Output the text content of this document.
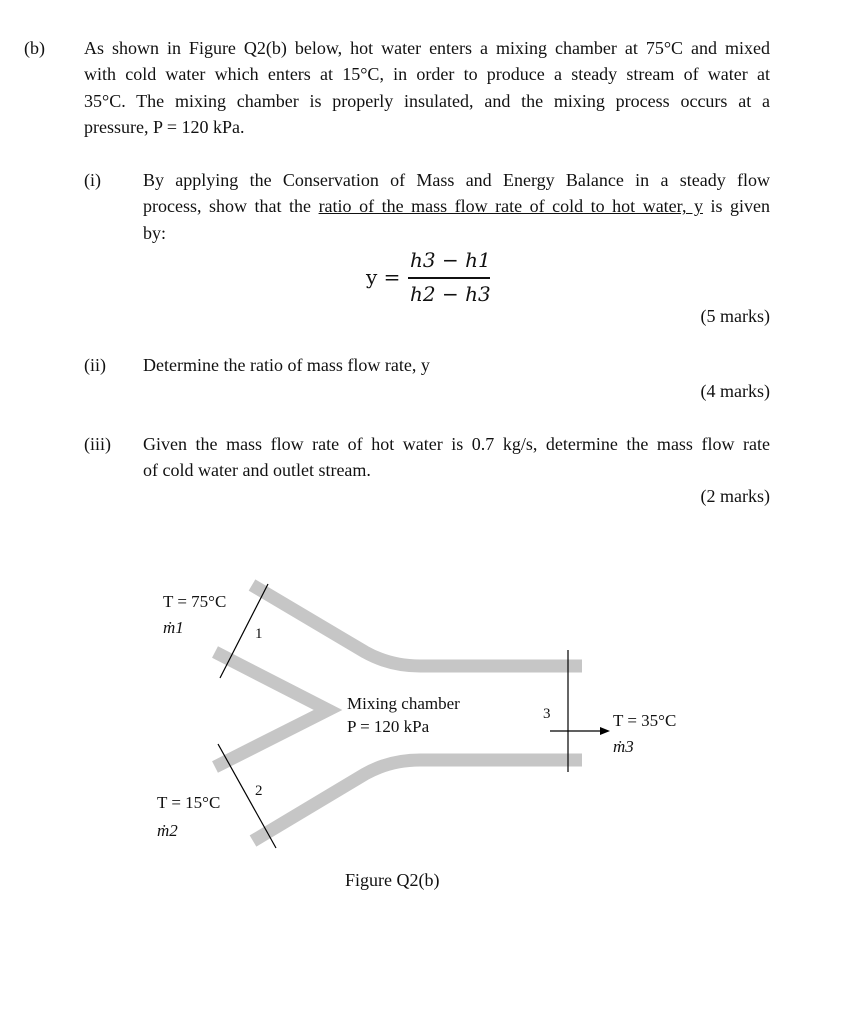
(b) As shown in Figure Q2(b) below, hot water enters a mixing chamber at 75°C and mixed
with cold water which enters at 15°C, in order to produce a steady stream of water at
35°C. The mixing chamber is properly insulated, and the mixing process occurs at a
pressure, P = 120 kPa.
(i) By applying the Conservation of Mass and Energy Balance in a steady flow
process, show that the ratio of the mass flow rate of cold to hot water, y is given
by:
y =
h3 − h1
h2 − h3
(5 marks)
(ii) Determine the ratio of mass flow rate, y
(4 marks)
(iii) Given the mass flow rate of hot water is 0.7 kg/s, determine the mass flow rate
of cold water and outlet stream.
(2 marks)
T = 75°C
ṁ1	1
Mixing chamber
P = 120 kPa
3	T = 35°C
ṁ3
2
T = 15°C
ṁ2
Figure Q2(b)
